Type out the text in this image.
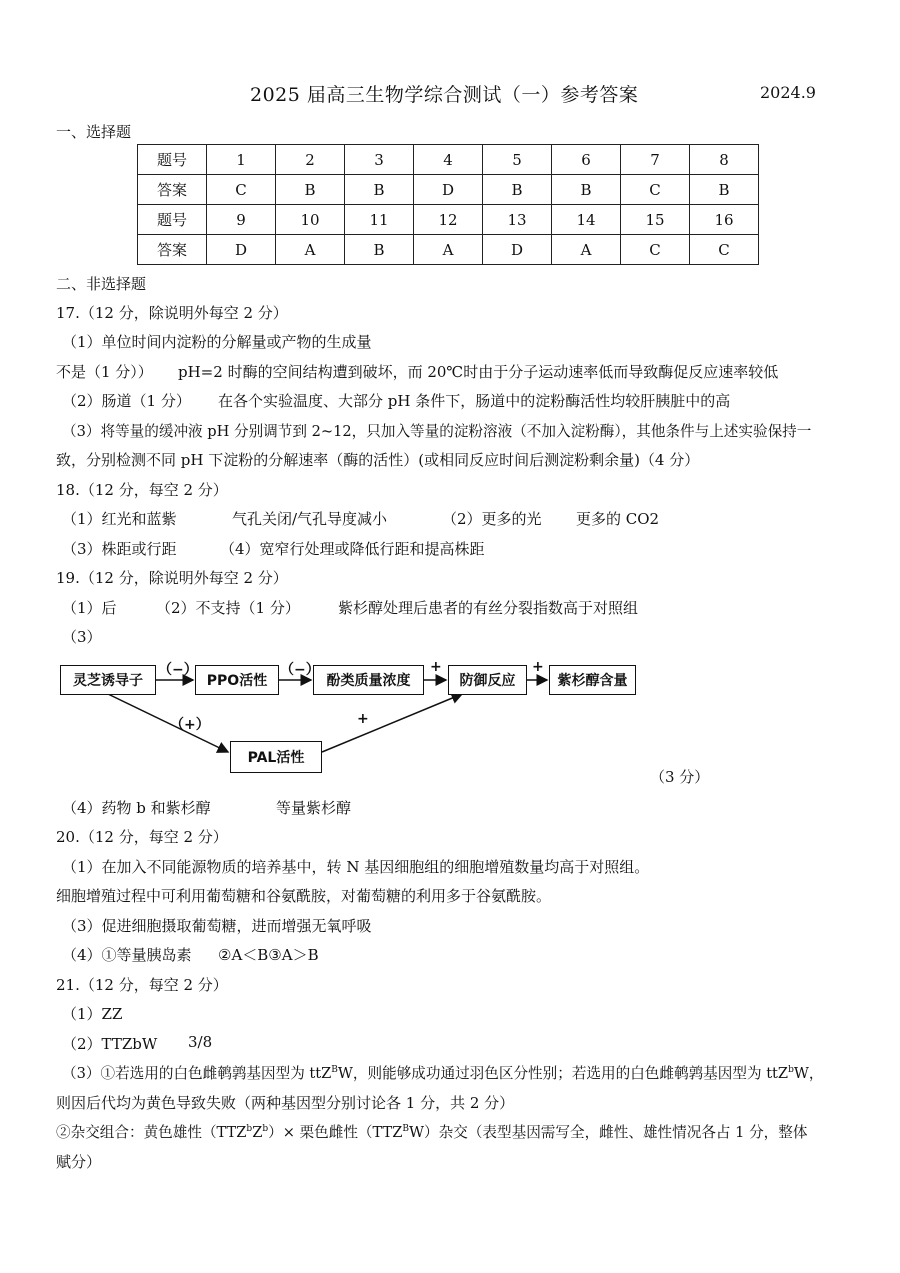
2025 届高三生物学综合测试（一）参考答案	2024.9
一、选择题
题号	1	2	3	4	5	6	7	8
答案	C	B	B	D	B	B	C	B
题号	9	10	11	12	13	14	15	16
答案	D	A	B	A	D	A	C	C
二、非选择题
17.（12 分，除说明外每空 2 分）
（1）单位时间内淀粉的分解量或产物的生成量
不是（1 分）） pH=2 时酶的空间结构遭到破坏，而 20℃时由于分子运动速率低而导致酶促反应速率较低
（2）肠道（1 分） 在各个实验温度、大部分 pH 条件下，肠道中的淀粉酶活性均较肝胰脏中的高
（3）将等量的缓冲液 pH 分别调节到 2~12，只加入等量的淀粉溶液（不加入淀粉酶），其他条件与上述实验保持一
致，分别检测不同 pH 下淀粉的分解速率（酶的活性）(或相同反应时间后测淀粉剩余量)（4 分）
18.（12 分，每空 2 分）
（1）红光和蓝紫	气孔关闭/气孔导度减小	（2）更多的光 更多的 CO2
（3）株距或行距	（4）宽窄行处理或降低行距和提高株距
19.（12 分，除说明外每空 2 分）
（1）后	（2）不支持（1 分）	紫杉醇处理后患者的有丝分裂指数高于对照组
（3）
灵芝诱导子	PPO活性	酚类质量浓度	防御反应	紫杉醇含量
PAL活性
（−）	（−）	+	+
（+）	+
（3 分）
（4）药物 b 和紫杉醇	等量紫杉醇
20.（12 分，每空 2 分）
（1）在加入不同能源物质的培养基中，转 N 基因细胞组的细胞增殖数量均高于对照组。
细胞增殖过程中可利用葡萄糖和谷氨酰胺，对葡萄糖的利用多于谷氨酰胺。
（3）促进细胞摄取葡萄糖，进而增强无氧呼吸
（4）①等量胰岛素 ②A＜B③A＞B
21.（12 分，每空 2 分）
（1）ZZ
（2）TTZbW 3/8
（3）①若选用的白色雌鹌鹑基因型为 ttZ$^B$W，则能够成功通过羽色区分性别；若选用的白色雌鹌鹑基因型为 ttZ$^b$W，
则因后代均为黄色导致失败（两种基因型分别讨论各 1 分，共 2 分）
②杂交组合：黄色雄性$(TTZ^bZ^b)\times$ 栗色雌性$(TTZ^BW)$杂交（表型基因需写全，雌性、雄性情况各占 1 分，整体
赋分）
